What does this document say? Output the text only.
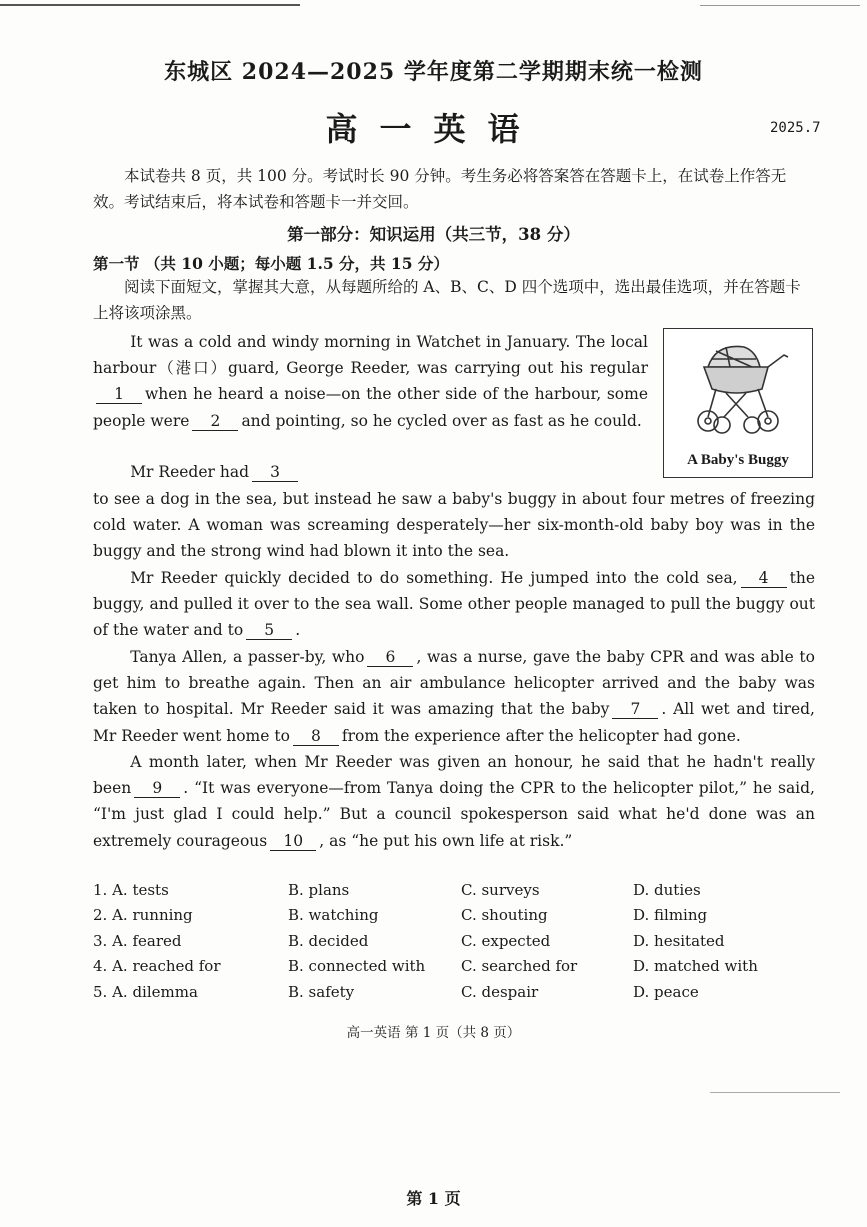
东城区 2024—2025 学年度第二学期期末统一检测
高一英语	2025.7
本试卷共 8 页，共 100 分。考试时长 90 分钟。考生务必将答案答在答题卡上，在试卷上作答无效。考试结束后，将本试卷和答题卡一并交回。
第一部分：知识运用（共三节，38 分）
第一节 （共 10 小题；每小题 1.5 分，共 15 分）
阅读下面短文，掌握其大意，从每题所给的 A、B、C、D 四个选项中，选出最佳选项，并在答题卡上将该项涂黑。
A Baby's Buggy

It was a cold and windy morning in Watchet in January. The local harbour（港口）guard, George Reeder, was carrying out his regular1 when he heard a noise—on the other side of the harbour, some people were 2 and pointing, so he cycled over as fast as he could.

Mr Reeder had 3

to see a dog in the sea, but instead he saw a baby's buggy in about four metres of freezing cold water. A woman was screaming desperately—her six-month-old baby boy was in the buggy and the strong wind had blown it into the sea.

Mr Reeder quickly decided to do something. He jumped into the cold sea, 4 the buggy, and pulled it over to the sea wall. Some other people managed to pull the buggy out of the water and to 5 .

Tanya Allen, a passer-by, who 6 , was a nurse, gave the baby CPR and was able to get him to breathe again. Then an air ambulance helicopter arrived and the baby was taken to hospital. Mr Reeder said it was amazing that the baby 7 . All wet and tired, Mr Reeder went home to 8 from the experience after the helicopter had gone.

A month later, when Mr Reeder was given an honour, he said that he hadn't really been 9 . “It was everyone—from Tanya doing the CPR to the helicopter pilot,” he said, “I'm just glad I could help.” But a council spokesperson said what he'd done was an extremely courageous 10 , as “he put his own life at risk.”

1. A. tests	B. plans	C. surveys	D. duties
2. A. running	B. watching	C. shouting	D. filming
3. A. feared	B. decided	C. expected	D. hesitated
4. A. reached for	B. connected with	C. searched for	D. matched with
5. A. dilemma	B. safety	C. despair	D. peace
高一英语 第 1 页（共 8 页）
第 1 页
